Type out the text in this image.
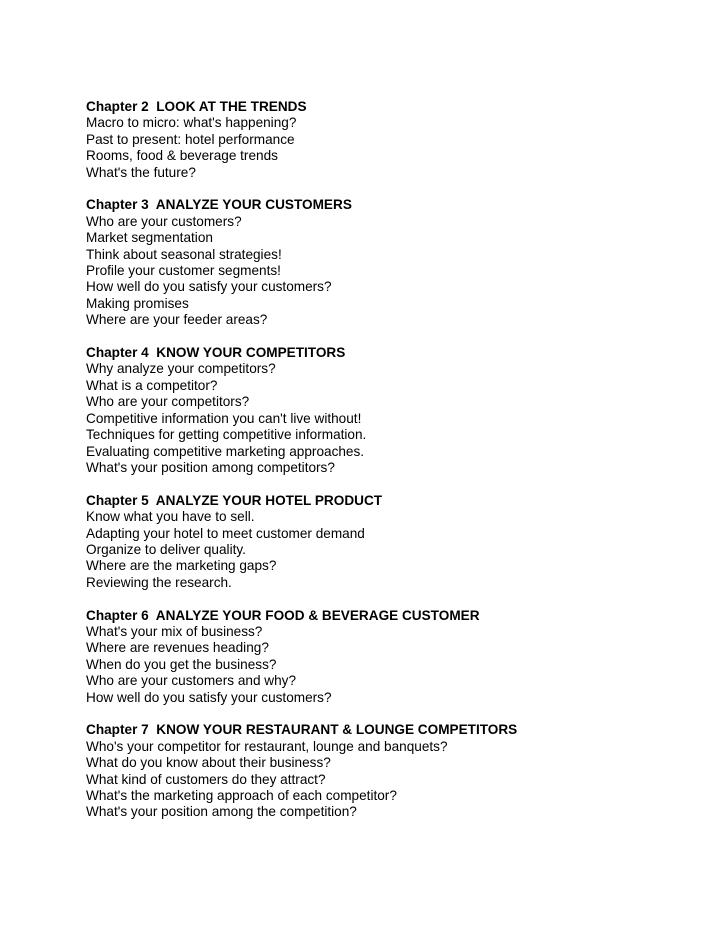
Chapter 2  LOOK AT THE TRENDS
Macro to micro: what's happening?
Past to present: hotel performance
Rooms, food & beverage trends
What's the future?
Chapter 3  ANALYZE YOUR CUSTOMERS
Who are your customers?
Market segmentation
Think about seasonal strategies!
Profile your customer segments!
How well do you satisfy your customers?
Making promises
Where are your feeder areas?
Chapter 4  KNOW YOUR COMPETITORS
Why analyze your competitors?
What is a competitor?
Who are your competitors?
Competitive information you can't live without!
Techniques for getting competitive information.
Evaluating competitive marketing approaches.
What's your position among competitors?
Chapter 5  ANALYZE YOUR HOTEL PRODUCT
Know what you have to sell.
Adapting your hotel to meet customer demand
Organize to deliver quality.
Where are the marketing gaps?
Reviewing the research.
Chapter 6  ANALYZE YOUR FOOD & BEVERAGE CUSTOMER
What's your mix of business?
Where are revenues heading?
When do you get the business?
Who are your customers and why?
How well do you satisfy your customers?
Chapter 7  KNOW YOUR RESTAURANT & LOUNGE COMPETITORS
Who's your competitor for restaurant, lounge and banquets?
What do you know about their business?
What kind of customers do they attract?
What's the marketing approach of each competitor?
What's your position among the competition?
